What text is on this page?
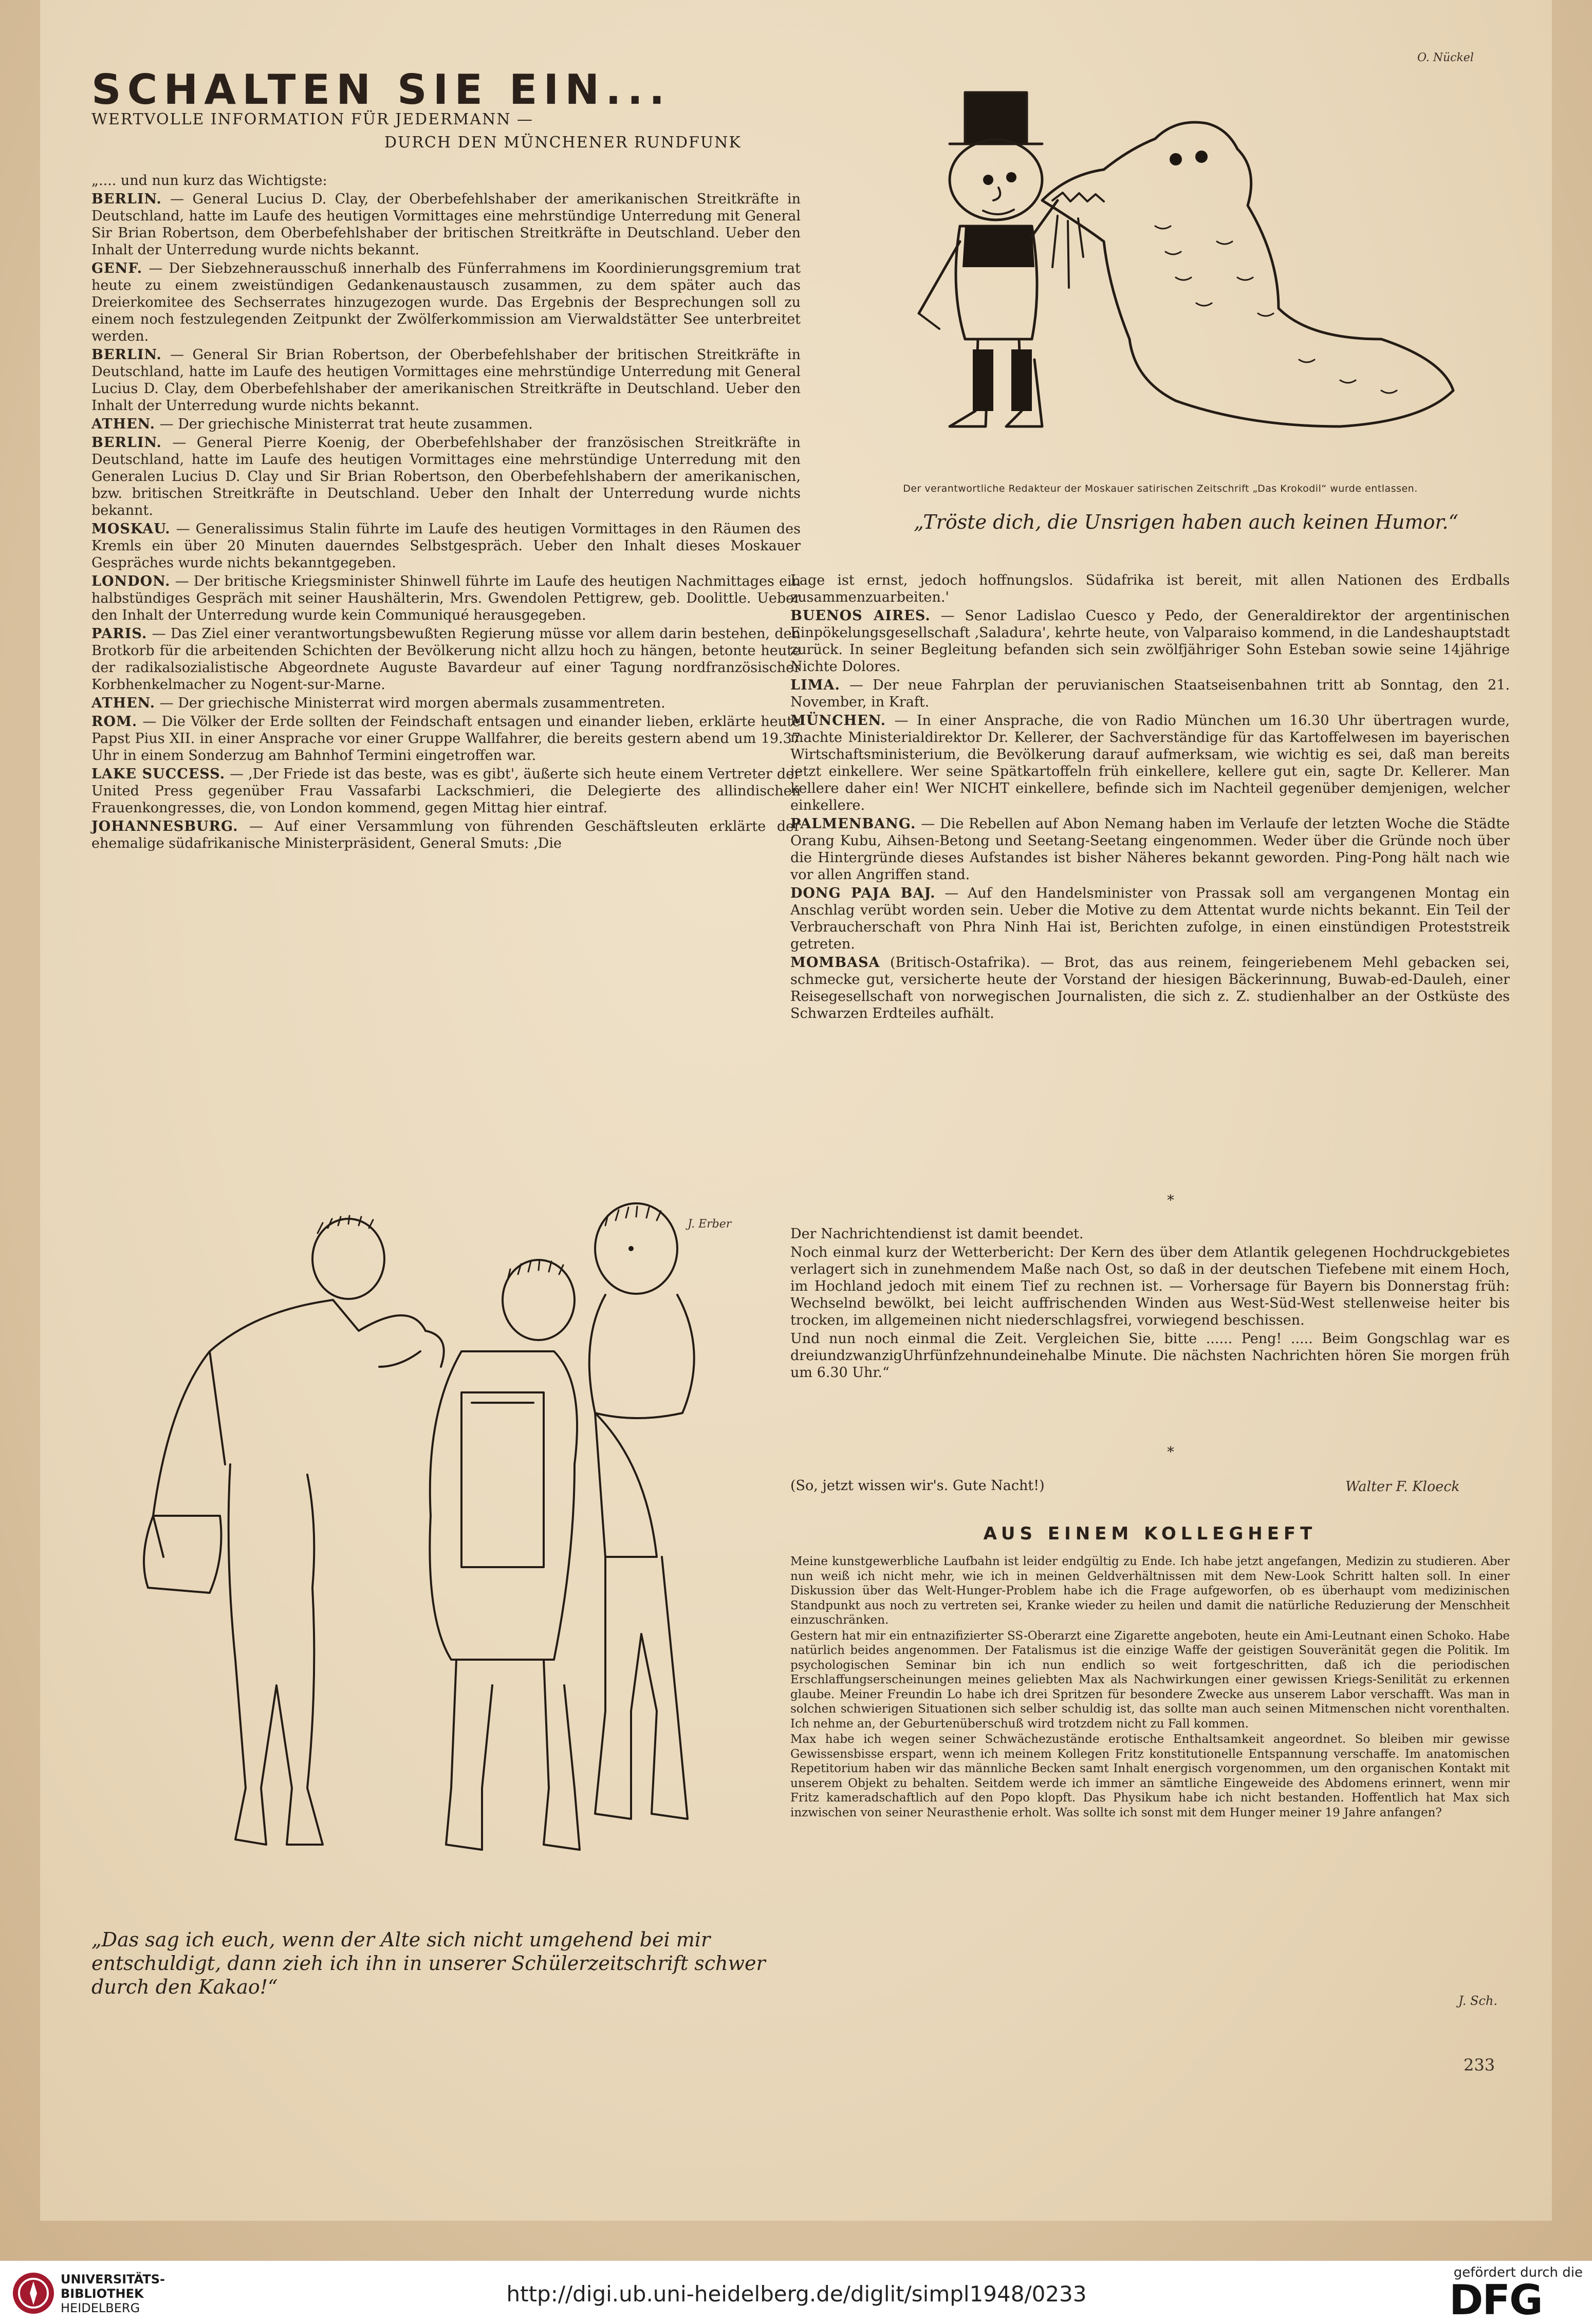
SCHALTEN SIE EIN...
WERTVOLLE INFORMATION FÜR JEDERMANN —
DURCH DEN MÜNCHENER RUNDFUNK
„.... und nun kurz das Wichtigste:
BERLIN. — General Lucius D. Clay, der Oberbefehlshaber der amerikanischen Streitkräfte in Deutschland, hatte im Laufe des heutigen Vormittages eine mehrstündige Unterredung mit General Sir Brian Robertson, dem Oberbefehlshaber der britischen Streitkräfte in Deutschland. Ueber den Inhalt der Unterredung wurde nichts bekannt.
GENF. — Der Siebzehnerausschuß innerhalb des Fünferrahmens im Koordinierungsgremium trat heute zu einem zweistündigen Gedankenaustausch zusammen, zu dem später auch das Dreierkomitee des Sechserrates hinzugezogen wurde. Das Ergebnis der Besprechungen soll zu einem noch festzulegenden Zeitpunkt der Zwölferkommission am Vierwaldstätter See unterbreitet werden.
BERLIN. — General Sir Brian Robertson, der Oberbefehlshaber der britischen Streitkräfte in Deutschland, hatte im Laufe des heutigen Vormittages eine mehrstündige Unterredung mit General Lucius D. Clay, dem Oberbefehlshaber der amerikanischen Streitkräfte in Deutschland. Ueber den Inhalt der Unterredung wurde nichts bekannt.
ATHEN. — Der griechische Ministerrat trat heute zusammen.
BERLIN. — General Pierre Koenig, der Oberbefehlshaber der französischen Streitkräfte in Deutschland, hatte im Laufe des heutigen Vormittages eine mehrstündige Unterredung mit den Generalen Lucius D. Clay und Sir Brian Robertson, den Oberbefehlshabern der amerikanischen, bzw. britischen Streitkräfte in Deutschland. Ueber den Inhalt der Unterredung wurde nichts bekannt.
MOSKAU. — Generalissimus Stalin führte im Laufe des heutigen Vormittages in den Räumen des Kremls ein über 20 Minuten dauerndes Selbstgespräch. Ueber den Inhalt dieses Moskauer Gespräches wurde nichts bekanntgegeben.
LONDON. — Der britische Kriegsminister Shinwell führte im Laufe des heutigen Nachmittages ein halbstündiges Gespräch mit seiner Haushälterin, Mrs. Gwendolen Pettigrew, geb. Doolittle. Ueber den Inhalt der Unterredung wurde kein Communiqué herausgegeben.
PARIS. — Das Ziel einer verantwortungsbewußten Regierung müsse vor allem darin bestehen, den Brotkorb für die arbeitenden Schichten der Bevölkerung nicht allzu hoch zu hängen, betonte heute der radikalsozialistische Abgeordnete Auguste Bavardeur auf einer Tagung nordfranzösischer Korbhenkelmacher zu Nogent-sur-Marne.
ATHEN. — Der griechische Ministerrat wird morgen abermals zusammentreten.
ROM. — Die Völker der Erde sollten der Feindschaft entsagen und einander lieben, erklärte heute Papst Pius XII. in einer Ansprache vor einer Gruppe Wallfahrer, die bereits gestern abend um 19.37 Uhr in einem Sonderzug am Bahnhof Termini eingetroffen war.
LAKE SUCCESS. — ‚Der Friede ist das beste, was es gibt', äußerte sich heute einem Vertreter der United Press gegenüber Frau Vassafarbi Lackschmieri, die Delegierte des allindischen Frauenkongresses, die, von London kommend, gegen Mittag hier eintraf.
JOHANNESBURG. — Auf einer Versammlung von führenden Geschäftsleuten erklärte der ehemalige südafrikanische Ministerpräsident, General Smuts: ‚Die
O. Nückel
Der verantwortliche Redakteur der Moskauer satirischen Zeitschrift „Das Krokodil“ wurde entlassen.
„Tröste dich, die Unsrigen haben auch keinen Humor.“
Lage ist ernst, jedoch hoffnungslos. Südafrika ist bereit, mit allen Nationen des Erdballs zusammenzuarbeiten.'
BUENOS AIRES. — Senor Ladislao Cuesco y Pedo, der Generaldirektor der argentinischen Einpökelungsgesellschaft ‚Saladura', kehrte heute, von Valparaiso kommend, in die Landeshauptstadt zurück. In seiner Begleitung befanden sich sein zwölfjähriger Sohn Esteban sowie seine 14jährige Nichte Dolores.
LIMA. — Der neue Fahrplan der peruvianischen Staatseisenbahnen tritt ab Sonntag, den 21. November, in Kraft.
MÜNCHEN. — In einer Ansprache, die von Radio München um 16.30 Uhr übertragen wurde, machte Ministerialdirektor Dr. Kellerer, der Sachverständige für das Kartoffelwesen im bayerischen Wirtschaftsministerium, die Bevölkerung darauf aufmerksam, wie wichtig es sei, daß man bereits jetzt einkellere. Wer seine Spätkartoffeln früh einkellere, kellere gut ein, sagte Dr. Kellerer. Man kellere daher ein! Wer NICHT einkellere, befinde sich im Nachteil gegenüber demjenigen, welcher einkellere.
PALMENBANG. — Die Rebellen auf Abon Nemang haben im Verlaufe der letzten Woche die Städte Orang Kubu, Aihsen-Betong und Seetang-Seetang eingenommen. Weder über die Gründe noch über die Hintergründe dieses Aufstandes ist bisher Näheres bekannt geworden. Ping-Pong hält nach wie vor allen Angriffen stand.
DONG PAJA BAJ. — Auf den Handelsminister von Prassak soll am vergangenen Montag ein Anschlag verübt worden sein. Ueber die Motive zu dem Attentat wurde nichts bekannt. Ein Teil der Verbraucherschaft von Phra Ninh Hai ist, Berichten zufolge, in einen einstündigen Proteststreik getreten.
MOMBASA (Britisch-Ostafrika). — Brot, das aus reinem, feingeriebenem Mehl gebacken sei, schmecke gut, versicherte heute der Vorstand der hiesigen Bäckerinnung, Buwab-ed-Dauleh, einer Reisegesellschaft von norwegischen Journalisten, die sich z. Z. studienhalber an der Ostküste des Schwarzen Erdteiles aufhält.
*
Der Nachrichtendienst ist damit beendet.
Noch einmal kurz der Wetterbericht: Der Kern des über dem Atlantik gelegenen Hochdruckgebietes verlagert sich in zunehmendem Maße nach Ost, so daß in der deutschen Tiefebene mit einem Hoch, im Hochland jedoch mit einem Tief zu rechnen ist. — Vorhersage für Bayern bis Donnerstag früh: Wechselnd bewölkt, bei leicht auffrischenden Winden aus West-Süd-West stellenweise heiter bis trocken, im allgemeinen nicht niederschlagsfrei, vorwiegend beschissen.
Und nun noch einmal die Zeit. Vergleichen Sie, bitte ...... Peng! ..... Beim Gongschlag war es dreiundzwanzigUhrfünfzehnundeinehalbe Minute. Die nächsten Nachrichten hören Sie morgen früh um 6.30 Uhr.“
*
(So, jetzt wissen wir's. Gute Nacht!)	Walter F. Kloeck
J. Erber
„Das sag ich euch, wenn der Alte sich nicht umgehend bei mir entschuldigt, dann zieh ich ihn in unserer Schülerzeitschrift schwer durch den Kakao!“
AUS EINEM KOLLEGHEFT

Meine kunstgewerbliche Laufbahn ist leider endgültig zu Ende. Ich habe jetzt angefangen, Medizin zu studieren. Aber nun weiß ich nicht mehr, wie ich in meinen Geldverhältnissen mit dem New-Look Schritt halten soll. In einer Diskussion über das Welt-Hunger-Problem habe ich die Frage aufgeworfen, ob es überhaupt vom medizinischen Standpunkt aus noch zu vertreten sei, Kranke wieder zu heilen und damit die natürliche Reduzierung der Menschheit einzuschränken.

Gestern hat mir ein entnazifizierter SS-Oberarzt eine Zigarette angeboten, heute ein Ami-Leutnant einen Schoko. Habe natürlich beides angenommen. Der Fatalismus ist die einzige Waffe der geistigen Souveränität gegen die Politik. Im psychologischen Seminar bin ich nun endlich so weit fortgeschritten, daß ich die periodischen Erschlaffungserscheinungen meines geliebten Max als Nachwirkungen einer gewissen Kriegs-Senilität zu erkennen glaube. Meiner Freundin Lo habe ich drei Spritzen für besondere Zwecke aus unserem Labor verschafft. Was man in solchen schwierigen Situationen sich selber schuldig ist, das sollte man auch seinen Mitmenschen nicht vorenthalten. Ich nehme an, der Geburtenüberschuß wird trotzdem nicht zu Fall kommen.

Max habe ich wegen seiner Schwächezustände erotische Enthaltsamkeit angeordnet. So bleiben mir gewisse Gewissensbisse erspart, wenn ich meinem Kollegen Fritz konstitutionelle Entspannung verschaffe. Im anatomischen Repetitorium haben wir das männliche Becken samt Inhalt energisch vorgenommen, um den organischen Kontakt mit unserem Objekt zu behalten. Seitdem werde ich immer an sämtliche Eingeweide des Abdomens erinnert, wenn mir Fritz kameradschaftlich auf den Popo klopft. Das Physikum habe ich nicht bestanden. Hoffentlich hat Max sich inzwischen von seiner Neurasthenie erholt. Was sollte ich sonst mit dem Hunger meiner 19 Jahre anfangen?

J. Sch.
233
UNIVERSITÄTS-
BIBLIOTHEK
HEIDELBERG
http://digi.ub.uni-heidelberg.de/diglit/simpl1948/0233
gefördert durch die
DFG
